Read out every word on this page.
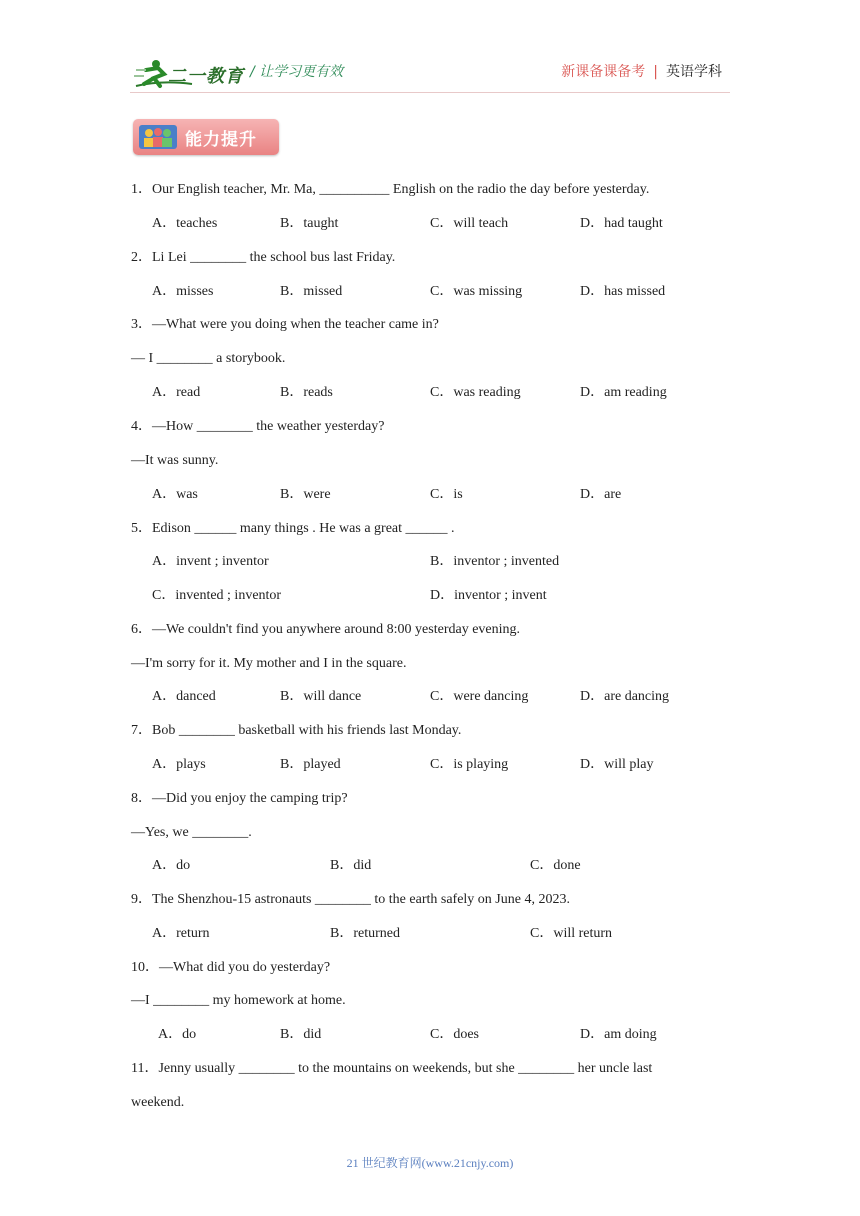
二一教育 / 让学习更有效	新课备课备考 | 英语学科
能力提升
1．Our English teacher, Mr. Ma, __________ English on the radio the day before yesterday.
A．teaches	B．taught	C．will teach	D．had taught
2．Li Lei ________ the school bus last Friday.
A．misses	B．missed	C．was missing	D．has missed
3．—What were you doing when the teacher came in?
— I ________ a storybook.
A．read	B．reads	C．was reading	D．am reading
4．—How ________ the weather yesterday?
—It was sunny.
A．was	B．were	C．is	D．are
5．Edison ______ many things . He was a great ______ .
A．invent ; inventor	B．inventor ; invented
C．invented ; inventor	D．inventor ; invent
6．—We couldn't find you anywhere around 8:00 yesterday evening.
—I'm sorry for it. My mother and I in the square.
A．danced	B．will dance	C．were dancing	D．are dancing
7．Bob ________ basketball with his friends last Monday.
A．plays	B．played	C．is playing	D．will play
8．—Did you enjoy the camping trip?
—Yes, we ________.
A．do	B．did	C．done
9．The Shenzhou-15 astronauts ________ to the earth safely on June 4, 2023.
A．return	B．returned	C．will return
10．—What did you do yesterday?
—I ________ my homework at home.
A．do	B．did	C．does	D．am doing
11．Jenny usually ________ to the mountains on weekends, but she ________ her uncle last
weekend.
21 世纪教育网(www.21cnjy.com)
